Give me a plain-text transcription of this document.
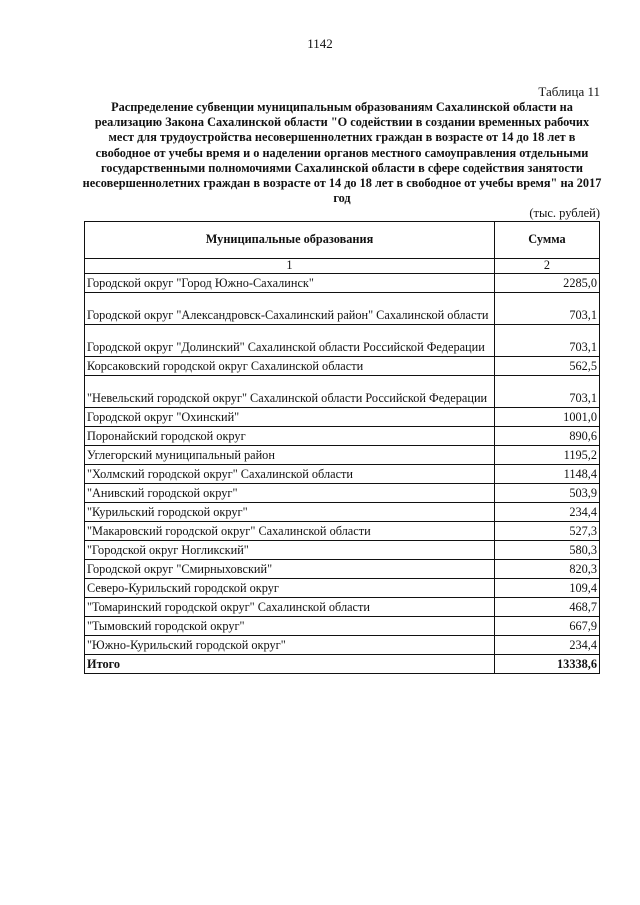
1142
Таблица 11
Распределение субвенции муниципальным образованиям Сахалинской области на реализацию Закона Сахалинской области "О содействии в создании временных рабочих мест для трудоустройства несовершеннолетних граждан в возрасте от 14 до 18 лет в свободное от учебы время и о наделении органов местного самоуправления отдельными государственными полномочиями Сахалинской области в сфере содействия занятости несовершеннолетних граждан в возрасте от 14 до 18 лет в свободное от учебы время" на 2017 год
(тыс. рублей)
Муниципальные образования	Сумма
1	2
Городской округ "Город Южно-Сахалинск"	2285,0
Городской округ "Александровск-Сахалинский район" Сахалинской области	703,1
Городской округ "Долинский" Сахалинской области Российской Федерации	703,1
Корсаковский городской округ Сахалинской области	562,5
"Невельский городской округ" Сахалинской области Российской Федерации	703,1
Городской округ "Охинский"	1001,0
Поронайский городской округ	890,6
Углегорский муниципальный район	1195,2
"Холмский городской округ" Сахалинской области	1148,4
"Анивский городской округ"	503,9
"Курильский городской округ"	234,4
"Макаровский городской округ" Сахалинской области	527,3
"Городской округ Ногликский"	580,3
Городской округ "Смирныховский"	820,3
Северо-Курильский городской округ	109,4
"Томаринский городской округ" Сахалинской области	468,7
"Тымовский городской округ"	667,9
"Южно-Курильский городской округ"	234,4
Итого	13338,6
